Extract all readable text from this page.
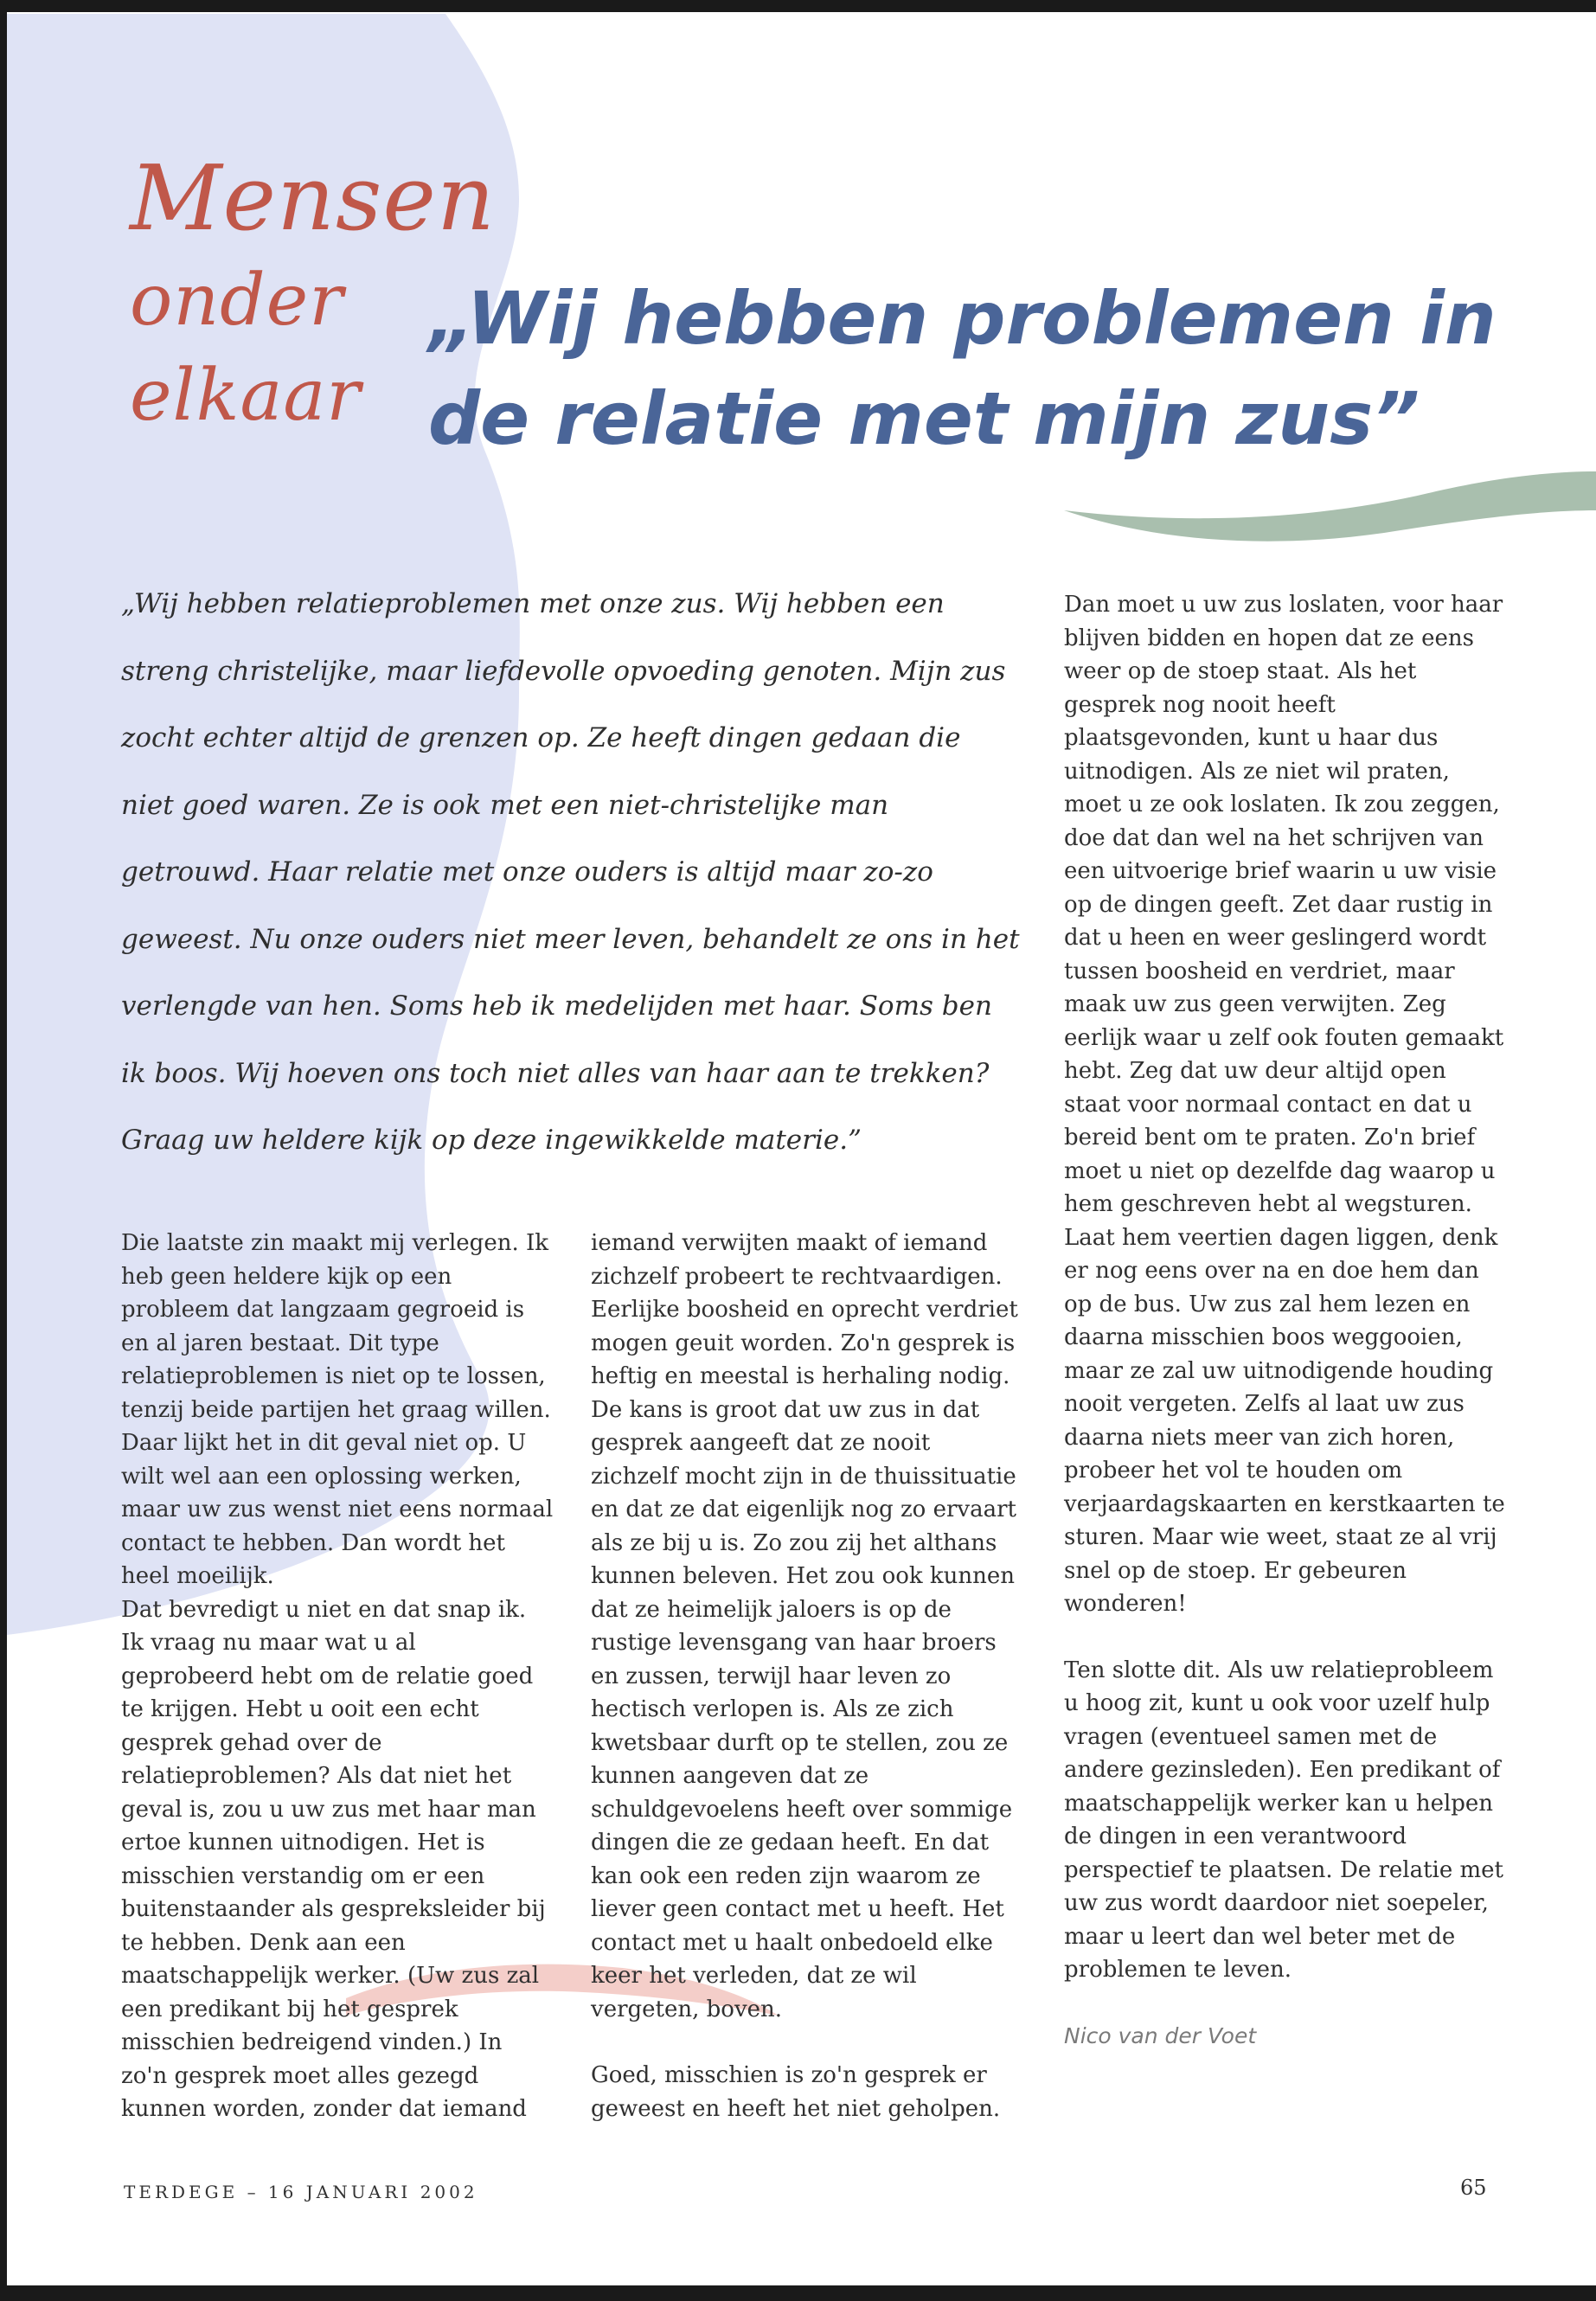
Mensen
onder
elkaar
„Wij hebben problemen in
de relatie met mijn zus”

„Wij hebben relatieproblemen met onze zus. Wij hebben een streng christelijke, maar liefdevolle opvoeding genoten. Mijn zus zocht echter altijd de grenzen op. Ze heeft dingen gedaan die niet goed waren. Ze is ook met een niet-christelijke man getrouwd. Haar relatie met onze ouders is altijd maar zo-zo geweest. Nu onze ouders niet meer leven, behandelt ze ons in het verlengde van hen. Soms heb ik medelijden met haar. Soms ben ik boos. Wij hoeven ons toch niet alles van haar aan te trekken? Graag uw heldere kijk op deze ingewikkelde materie.”

Die laatste zin maakt mij verlegen. Ik heb geen heldere kijk op een probleem dat langzaam gegroeid is en al jaren bestaat. Dit type relatieproblemen is niet op te lossen, tenzij beide partijen het graag willen. Daar lijkt het in dit geval niet op. U wilt wel aan een oplossing werken, maar uw zus wenst niet eens normaal contact te hebben. Dan wordt het heel moeilijk.

Dat bevredigt u niet en dat snap ik. Ik vraag nu maar wat u al geprobeerd hebt om de relatie goed te krijgen. Hebt u ooit een echt gesprek gehad over de relatieproblemen? Als dat niet het geval is, zou u uw zus met haar man ertoe kunnen uitnodigen. Het is misschien verstandig om er een buitenstaander als gespreksleider bij te hebben. Denk aan een maatschappelijk werker. (Uw zus zal een predikant bij het gesprek misschien bedreigend vinden.) In zo'n gesprek moet alles gezegd kunnen worden, zonder dat iemand

iemand verwijten maakt of iemand zichzelf probeert te rechtvaardigen. Eerlijke boosheid en oprecht verdriet mogen geuit worden. Zo'n gesprek is heftig en meestal is herhaling nodig. De kans is groot dat uw zus in dat gesprek aangeeft dat ze nooit zichzelf mocht zijn in de thuissituatie en dat ze dat eigenlijk nog zo ervaart als ze bij u is. Zo zou zij het althans kunnen beleven. Het zou ook kunnen dat ze heimelijk jaloers is op de rustige levensgang van haar broers en zussen, terwijl haar leven zo hectisch verlopen is. Als ze zich kwetsbaar durft op te stellen, zou ze kunnen aangeven dat ze schuldgevoelens heeft over sommige dingen die ze gedaan heeft. En dat kan ook een reden zijn waarom ze liever geen contact met u heeft. Het contact met u haalt onbedoeld elke keer het verleden, dat ze wil vergeten, boven.

Goed, misschien is zo'n gesprek er geweest en heeft het niet geholpen.

Dan moet u uw zus loslaten, voor haar blijven bidden en hopen dat ze eens weer op de stoep staat. Als het gesprek nog nooit heeft plaatsgevonden, kunt u haar dus uitnodigen. Als ze niet wil praten, moet u ze ook loslaten. Ik zou zeggen, doe dat dan wel na het schrijven van een uitvoerige brief waarin u uw visie op de dingen geeft. Zet daar rustig in dat u heen en weer geslingerd wordt tussen boosheid en verdriet, maar maak uw zus geen verwijten. Zeg eerlijk waar u zelf ook fouten gemaakt hebt. Zeg dat uw deur altijd open staat voor normaal contact en dat u bereid bent om te praten. Zo'n brief moet u niet op dezelfde dag waarop u hem geschreven hebt al wegsturen. Laat hem veertien dagen liggen, denk er nog eens over na en doe hem dan op de bus. Uw zus zal hem lezen en daarna misschien boos weggooien, maar ze zal uw uitnodigende houding nooit vergeten. Zelfs al laat uw zus daarna niets meer van zich horen, probeer het vol te houden om verjaardagskaarten en kerstkaarten te sturen. Maar wie weet, staat ze al vrij snel op de stoep. Er gebeuren wonderen!

Ten slotte dit. Als uw relatieprobleem u hoog zit, kunt u ook voor uzelf hulp vragen (eventueel samen met de andere gezinsleden). Een predikant of maatschappelijk werker kan u helpen de dingen in een verantwoord perspectief te plaatsen. De relatie met uw zus wordt daardoor niet soepeler, maar u leert dan wel beter met de problemen te leven.

Nico van der Voet

TERDEGE – 16 JANUARI 2002	65
